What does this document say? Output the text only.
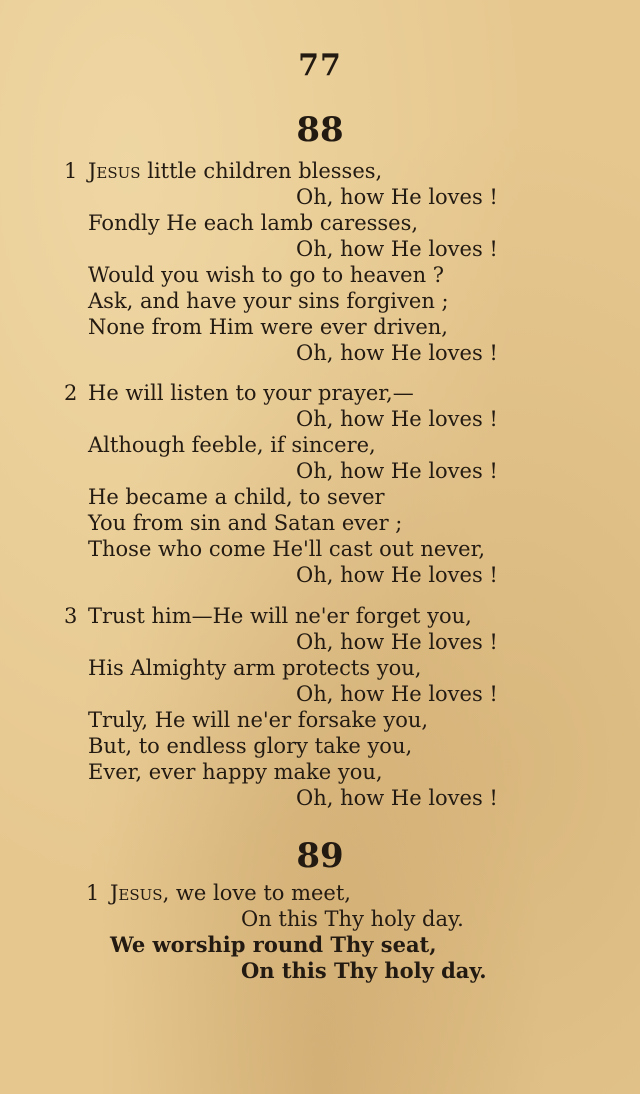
77
88
1 Jesus little children blesses,
Oh, how He loves !
Fondly He each lamb caresses,
Oh, how He loves !
Would you wish to go to heaven ?
Ask, and have your sins forgiven ;
None from Him were ever driven,
Oh, how He loves !
2 He will listen to your prayer,—
Oh, how He loves !
Although feeble, if sincere,
Oh, how He loves !
He became a child, to sever
You from sin and Satan ever ;
Those who come He'll cast out never,
Oh, how He loves !
3 Trust him—He will ne'er forget you,
Oh, how He loves !
His Almighty arm protects you,
Oh, how He loves !
Truly, He will ne'er forsake you,
But, to endless glory take you,
Ever, ever happy make you,
Oh, how He loves !
89
1 Jesus, we love to meet,
On this Thy holy day.
We worship round Thy seat,
On this Thy holy day.
